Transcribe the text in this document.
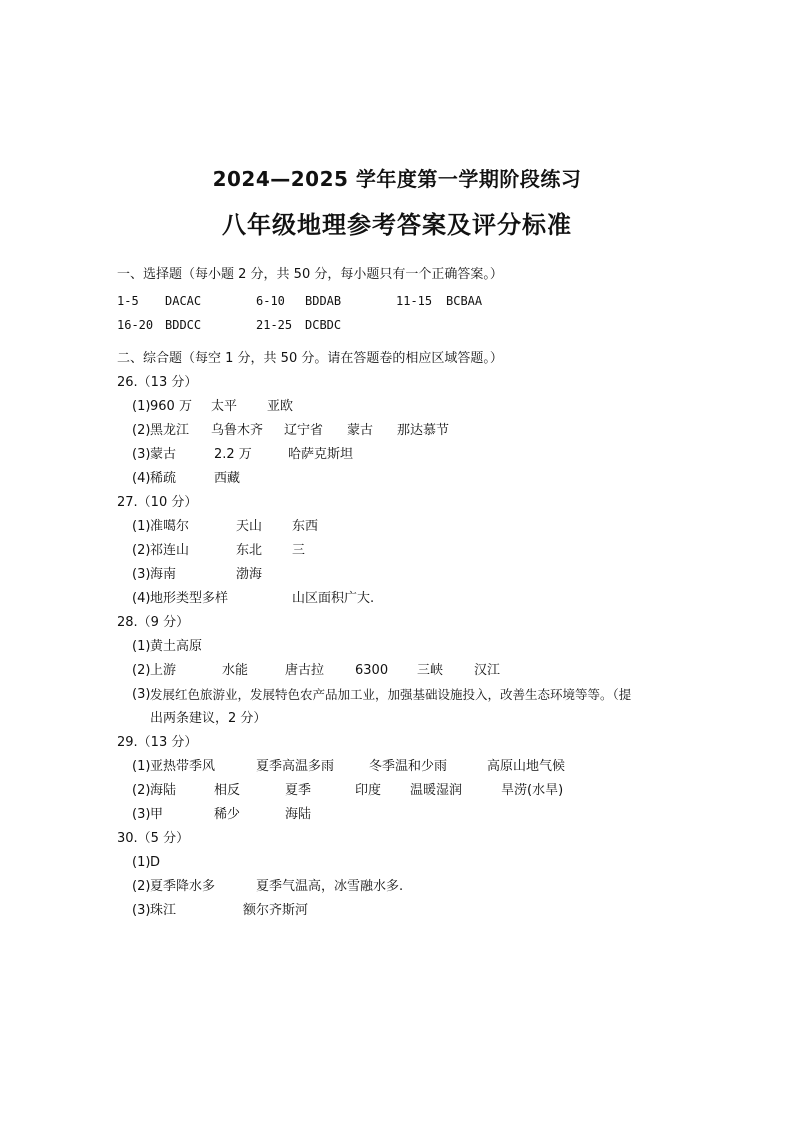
2024—2025 学年度第一学期阶段练习
八年级地理参考答案及评分标准
一、选择题（每小题 2 分，共 50 分，每小题只有一个正确答案。）
1-5 DACAC	6-10 BDDAB	11-15 BCBAA
16-20 BDDCC	21-25 DCBDC
二、综合题（每空 1 分，共 50 分。请在答题卷的相应区域答题。）
26.（13 分）
(1) 960 万 太平 亚欧
(2) 黑龙江 乌鲁木齐 辽宁省 蒙古 那达慕节
(3) 蒙古	2.2 万	哈萨克斯坦
(4) 稀疏	西藏
27.（10 分）
(1) 准噶尔	天山 东西
(2) 祁连山	东北 三
(3) 海南	渤海
(4) 地形类型多样	山区面积广大.
28.（9 分）
(1) 黄土高原
(2) 上游	水能	唐古拉 6300 三峡 汉江
(3) 发展红色旅游业，发展特色农产品加工业，加强基础设施投入，改善生态环境等等。（提
出两条建议，2 分）
29.（13 分）
(1) 亚热带季风	夏季高温多雨	冬季温和少雨	高原山地气候
(2) 海陆	相反	夏季	印度 温暖湿润	旱涝(水旱)
(3) 甲	稀少	海陆
30.（5 分）
(1) D
(2) 夏季降水多	夏季气温高，冰雪融水多.
(3) 珠江	额尔齐斯河
